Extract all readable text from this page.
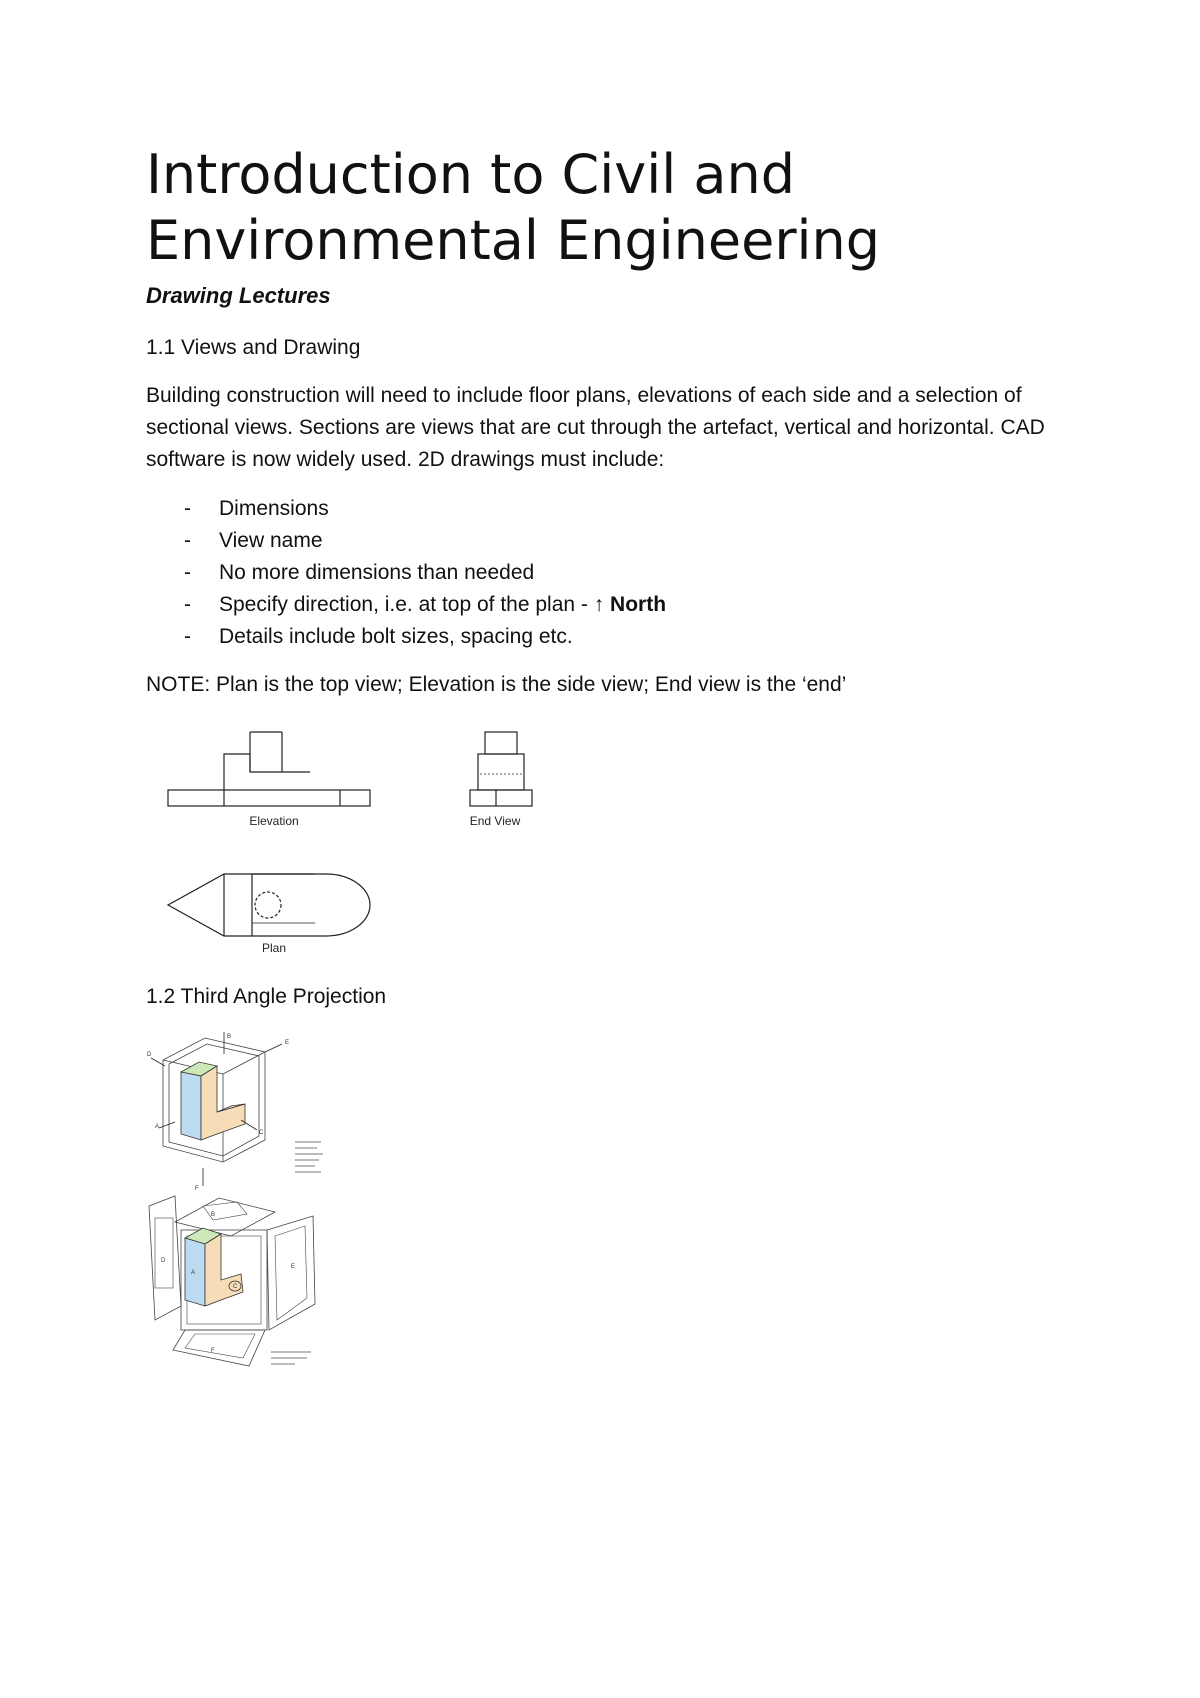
Introduction to Civil and Environmental Engineering

Drawing Lectures

1.1 Views and Drawing

Building construction will need to include floor plans, elevations of each side and a selection of sectional views. Sections are views that are cut through the artefact, vertical and horizontal. CAD software is now widely used. 2D drawings must include:

- Dimensions
- View name
- No more dimensions than needed
- Specify direction, i.e. at top of the plan - ↑ North
- Details include bolt sizes, spacing etc.

NOTE: Plan is the top view; Elevation is the side view; End view is the ‘end’

Elevation	End View
Plan

1.2 Third Angle Projection

B
E
D
A
C
F
B
D
A
C
E
F
